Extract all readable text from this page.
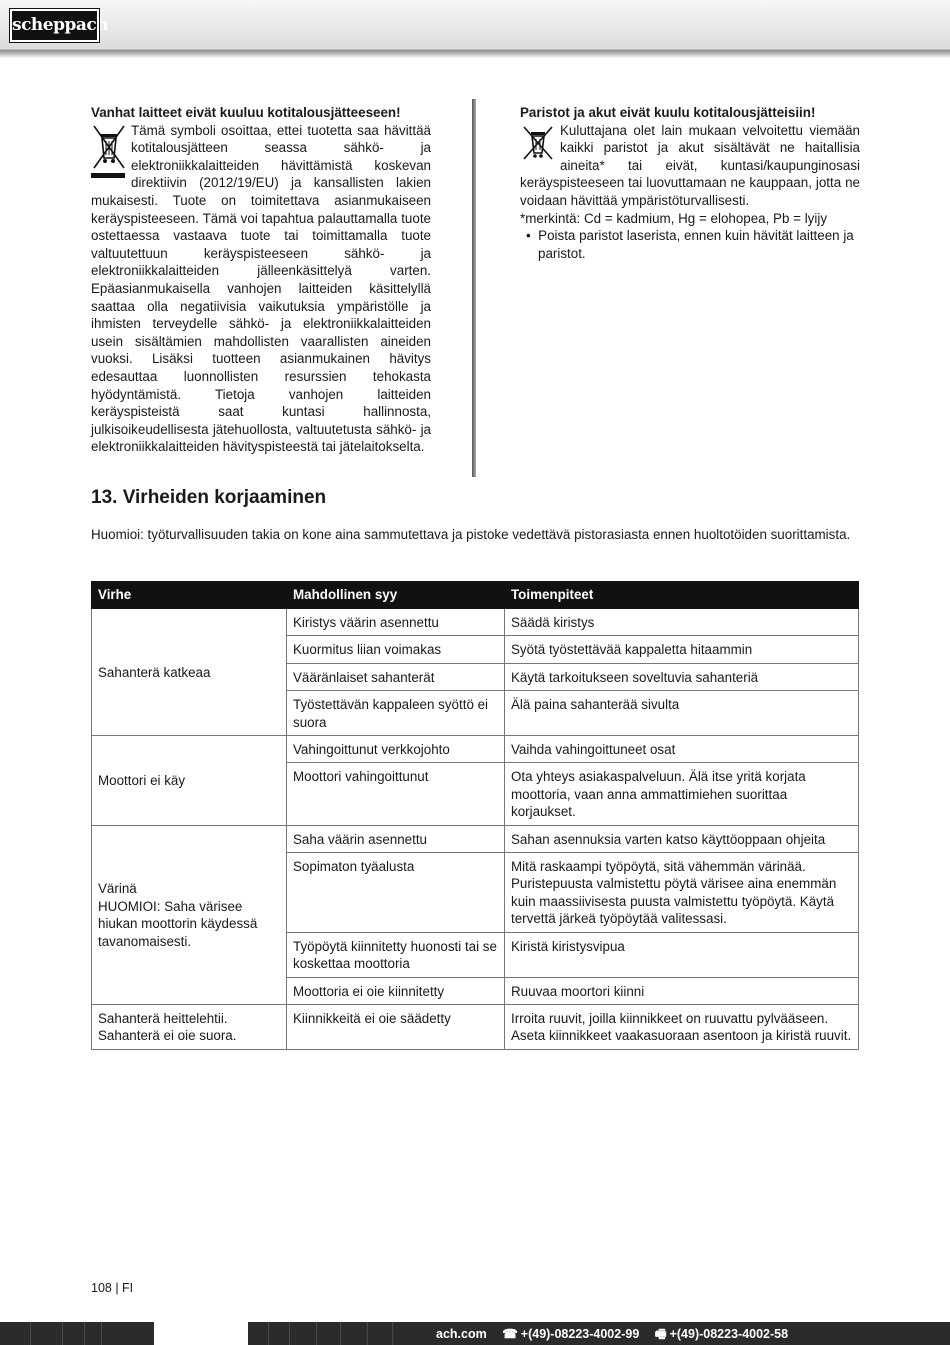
scheppach
Vanhat laitteet eivät kuuluu kotitalousjätteeseen!
Tämä symboli osoittaa, ettei tuotetta saa hävittää kotitalousjätteen seassa sähkö- ja elektroniikkalaitteiden hävittämistä koskevan direktiivin (2012/19/EU) ja kansallisten lakien mukaisesti. Tuote on toimitettava asianmukaiseen keräyspisteeseen. Tämä voi tapahtua palauttamalla tuote ostettaessa vastaava tuote tai toimittamalla tuote valtuutettuun keräyspisteeseen sähkö- ja elektroniikkalaitteiden jälleenkäsittelyä varten. Epäasianmukaisella vanhojen laitteiden käsittelyllä saattaa olla negatiivisia vaikutuksia ympäristölle ja ihmisten terveydelle sähkö- ja elektroniikkalaitteiden usein sisältämien mahdollisten vaarallisten aineiden vuoksi. Lisäksi tuotteen asianmukainen hävitys edesauttaa luonnollisten resurssien tehokasta hyödyntämistä. Tietoja vanhojen laitteiden keräyspisteistä saat kuntasi hallinnosta, julkisoikeudellisesta jätehuollosta, valtuutetusta sähkö- ja elektroniikkalaitteiden hävityspisteestä tai jätelaitokselta.
Paristot ja akut eivät kuulu kotitalousjätteisiin!
Kuluttajana olet lain mukaan velvoitettu viemään kaikki paristot ja akut sisältävät ne haitallisia aineita* tai eivät, kuntasi/kaupunginosasi keräyspisteeseen tai luovuttamaan ne kauppaan, jotta ne voidaan hävittää ympäristöturvallisesti.
*merkintä: Cd = kadmium, Hg = elohopea, Pb = lyijy
•  Poista paristot laserista, ennen kuin hävität laitteen ja paristot.
13. Virheiden korjaaminen
Huomioi: työturvallisuuden takia on kone aina sammutettava ja pistoke vedettävä pistorasiasta ennen huoltotöiden suorittamista.
Virhe	Mahdollinen syy	Toimenpiteet
Sahanterä katkeaa	Kiristys väärin asennettu	Säädä kiristys
	Kuormitus liian voimakas	Syötä työstettävää kappaletta hitaammin
	Vääränlaiset sahanterät	Käytä tarkoitukseen soveltuvia sahanteriä
	Työstettävän kappaleen syöttö ei suora	Älä paina sahanterää sivulta
Moottori ei käy	Vahingoittunut verkkojohto	Vaihda vahingoittuneet osat
	Moottori vahingoittunut	Ota yhteys asiakaspalveluun. Älä itse yritä korjata moottoria, vaan anna ammattimiehen suorittaa korjaukset.
Värinä
HUOMIOI: Saha värisee hiukan moottorin käydessä tavanomaisesti.	Saha väärin asennettu	Sahan asennuksia varten katso käyttöoppaan ohjeita
	Sopimaton tyäalusta	Mitä raskaampi työpöytä, sitä vähemmän värinää. Puristepuusta valmistettu pöytä värisee aina enemmän kuin maassiivisesta puusta valmistettu työpöytä. Käytä tervettä järkeä työpöytää valitessasi.
	Työpöytä kiinnitetty huonosti tai se koskettaa moottoria	Kiristä kiristysvipua
	Moottoria ei oie kiinnitetty	Ruuvaa moortori kiinni
Sahanterä heittelehtii. Sahanterä ei oie suora.	Kiinnikkeitä ei oie säädetty	Irroita ruuvit, joilla kiinnikkeet on ruuvattu pylvääseen. Aseta kiinnikkeet vaakasuoraan asentoon ja kiristä ruuvit.
108 | FI
ach.com ☎ +(49)-08223-4002-99 🖷 +(49)-08223-4002-58
